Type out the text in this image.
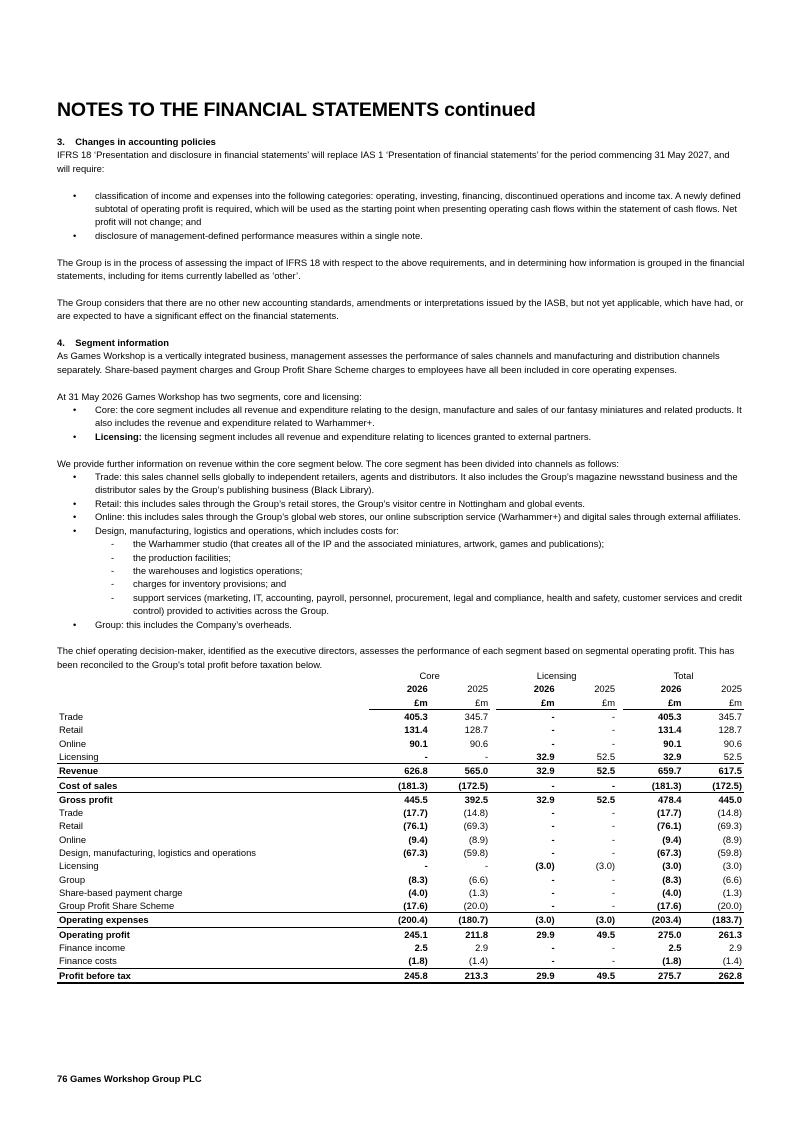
NOTES TO THE FINANCIAL STATEMENTS continued

3.    Changes in accounting policies

IFRS 18 ‘Presentation and disclosure in financial statements’ will replace IAS 1 ‘Presentation of financial statements’ for the period commencing 31 May 2027, and will require:

• classification of income and expenses into the following categories: operating, investing, financing, discontinued operations and income tax. A newly defined subtotal of operating profit is required, which will be used as the starting point when presenting operating cash flows within the statement of cash flows. Net profit will not change; and
• disclosure of management-defined performance measures within a single note.

The Group is in the process of assessing the impact of IFRS 18 with respect to the above requirements, and in determining how information is grouped in the financial statements, including for items currently labelled as ‘other’.

The Group considers that there are no other new accounting standards, amendments or interpretations issued by the IASB, but not yet applicable, which have had, or are expected to have a significant effect on the financial statements.

4.    Segment information

As Games Workshop is a vertically integrated business, management assesses the performance of sales channels and manufacturing and distribution channels separately. Share-based payment charges and Group Profit Share Scheme charges to employees have all been included in core operating expenses.

At 31 May 2026 Games Workshop has two segments, core and licensing:

• Core: the core segment includes all revenue and expenditure relating to the design, manufacture and sales of our fantasy miniatures and related products. It also includes the revenue and expenditure related to Warhammer+.
• Licensing: the licensing segment includes all revenue and expenditure relating to licences granted to external partners.

We provide further information on revenue within the core segment below. The core segment has been divided into channels as follows:

• Trade: this sales channel sells globally to independent retailers, agents and distributors. It also includes the Group’s magazine newsstand business and the distributor sales by the Group’s publishing business (Black Library).
• Retail: this includes sales through the Group’s retail stores, the Group’s visitor centre in Nottingham and global events.
• Online: this includes sales through the Group’s global web stores, our online subscription service (Warhammer+) and digital sales through external affiliates.
• Design, manufacturing, logistics and operations, which includes costs for:
- the Warhammer studio (that creates all of the IP and the associated miniatures, artwork, games and publications);
- the production facilities;
- the warehouses and logistics operations;
- charges for inventory provisions; and
- support services (marketing, IT, accounting, payroll, personnel, procurement, legal and compliance, health and safety, customer services and credit control) provided to activities across the Group.
• Group: this includes the Company’s overheads.

The chief operating decision-maker, identified as the executive directors, assesses the performance of each segment based on segmental operating profit. This has been reconciled to the Group’s total profit before taxation below.

	Core			Licensing			Total	
	2026	2025		2026	2025		2026	2025
	£m	£m		£m	£m		£m	£m
Trade	405.3	345.7		-	-		405.3	345.7
Retail	131.4	128.7		-	-		131.4	128.7
Online	90.1	90.6		-	-		90.1	90.6
Licensing	-	-		32.9	52.5		32.9	52.5
Revenue	626.8	565.0		32.9	52.5		659.7	617.5
Cost of sales	(181.3)	(172.5)		-	-		(181.3)	(172.5)
Gross profit	445.5	392.5		32.9	52.5		478.4	445.0
Trade	(17.7)	(14.8)		-	-		(17.7)	(14.8)
Retail	(76.1)	(69.3)		-	-		(76.1)	(69.3)
Online	(9.4)	(8.9)		-	-		(9.4)	(8.9)
Design, manufacturing, logistics and operations	(67.3)	(59.8)		-	-		(67.3)	(59.8)
Licensing	-	-		(3.0)	(3.0)		(3.0)	(3.0)
Group	(8.3)	(6.6)		-	-		(8.3)	(6.6)
Share-based payment charge	(4.0)	(1.3)		-	-		(4.0)	(1.3)
Group Profit Share Scheme	(17.6)	(20.0)		-	-		(17.6)	(20.0)
Operating expenses	(200.4)	(180.7)		(3.0)	(3.0)		(203.4)	(183.7)
Operating profit	245.1	211.8		29.9	49.5		275.0	261.3
Finance income	2.5	2.9		-	-		2.5	2.9
Finance costs	(1.8)	(1.4)		-	-		(1.8)	(1.4)
Profit before tax	245.8	213.3		29.9	49.5		275.7	262.8
76 Games Workshop Group PLC
